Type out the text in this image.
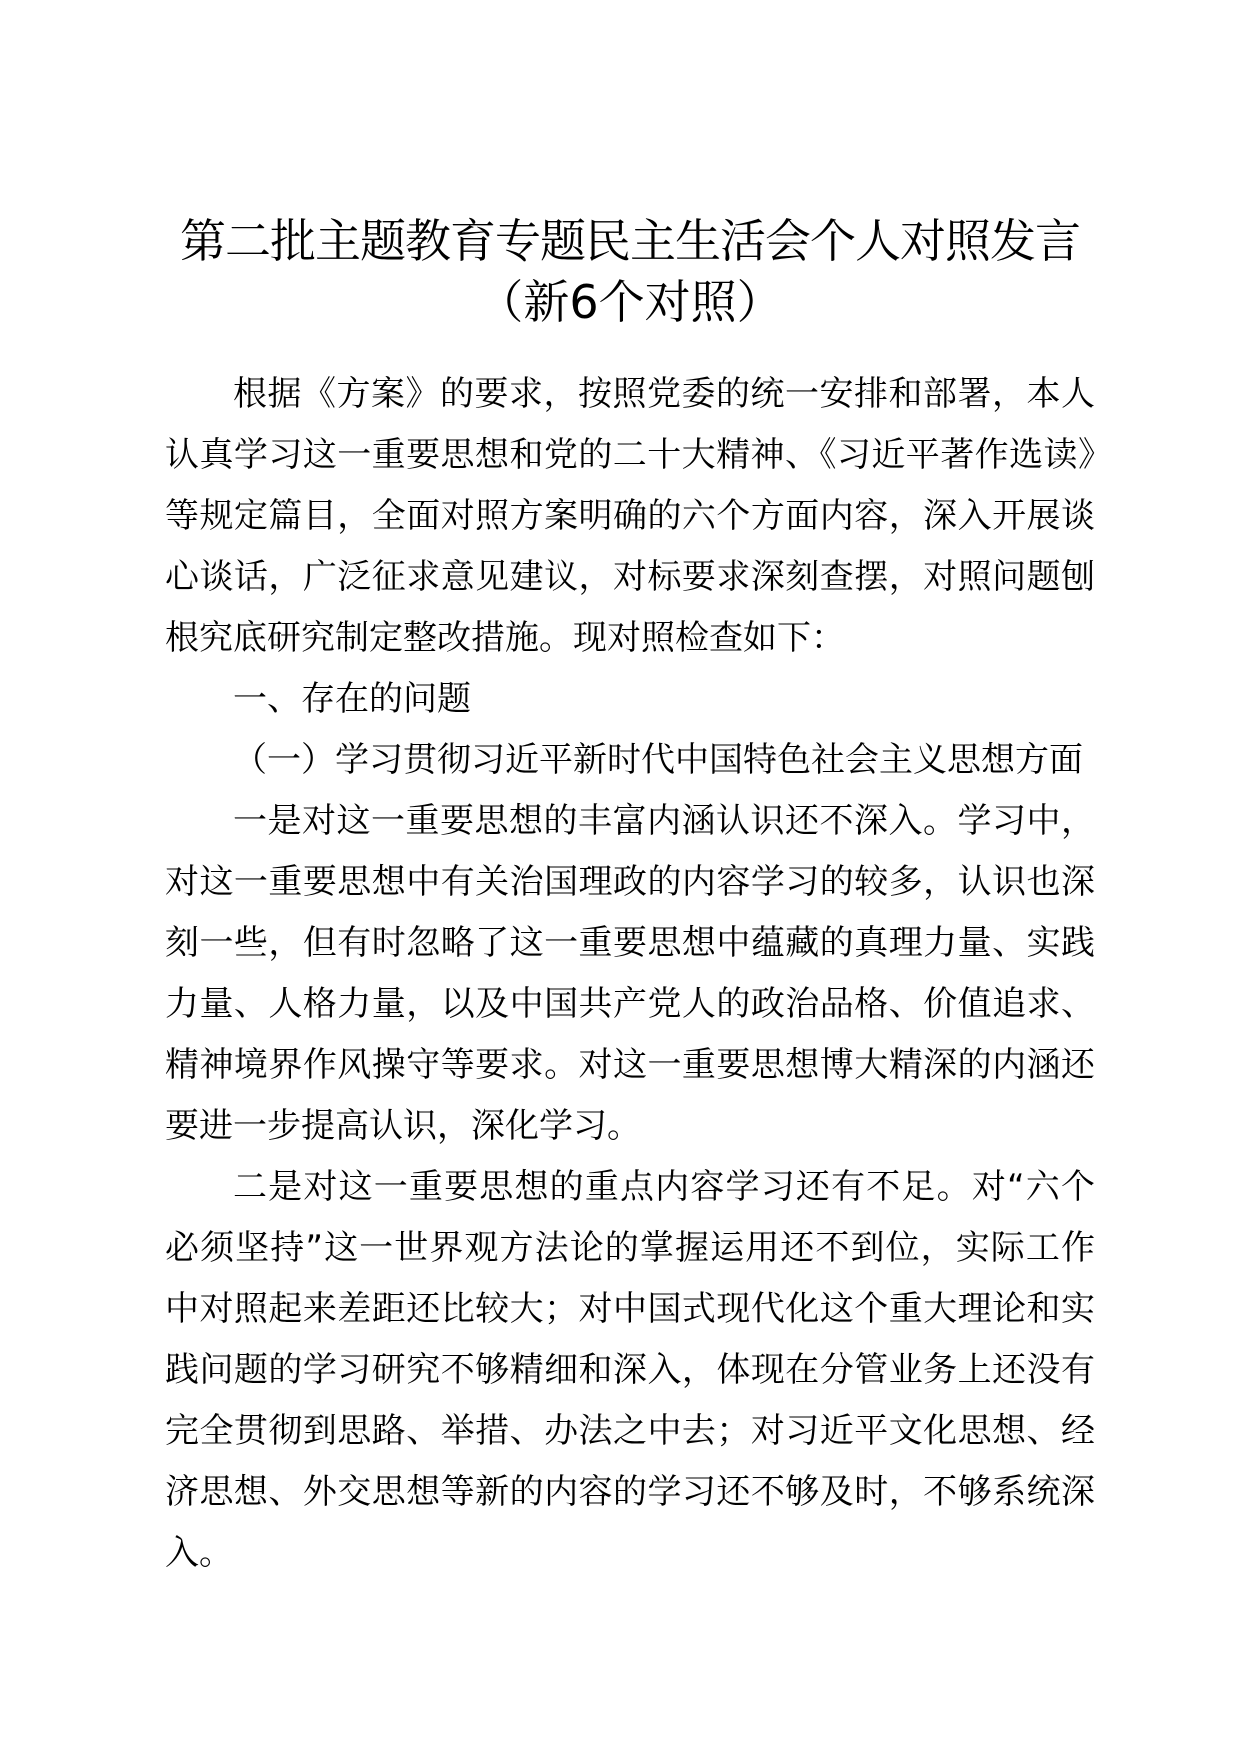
第二批主题教育专题民主生活会个人对照发言
（新6个对照）

根据《方案》的要求，按照党委的统一安排和部署，本人认真学习这一重要思想和党的二十大精神、《习近平著作选读》等规定篇目，全面对照方案明确的六个方面内容，深入开展谈心谈话，广泛征求意见建议，对标要求深刻查摆，对照问题刨根究底研究制定整改措施。现对照检查如下：

一、存在的问题

（一）学习贯彻习近平新时代中国特色社会主义思想方面

一是对这一重要思想的丰富内涵认识还不深入。学习中，对这一重要思想中有关治国理政的内容学习的较多，认识也深刻一些，但有时忽略了这一重要思想中蕴藏的真理力量、实践力量、人格力量，以及中国共产党人的政治品格、价值追求、精神境界作风操守等要求。对这一重要思想博大精深的内涵还要进一步提高认识，深化学习。

二是对这一重要思想的重点内容学习还有不足。对“六个必须坚持”这一世界观方法论的掌握运用还不到位，实际工作中对照起来差距还比较大；对中国式现代化这个重大理论和实践问题的学习研究不够精细和深入，体现在分管业务上还没有完全贯彻到思路、举措、办法之中去；对习近平文化思想、经济思想、外交思想等新的内容的学习还不够及时，不够系统深入。
